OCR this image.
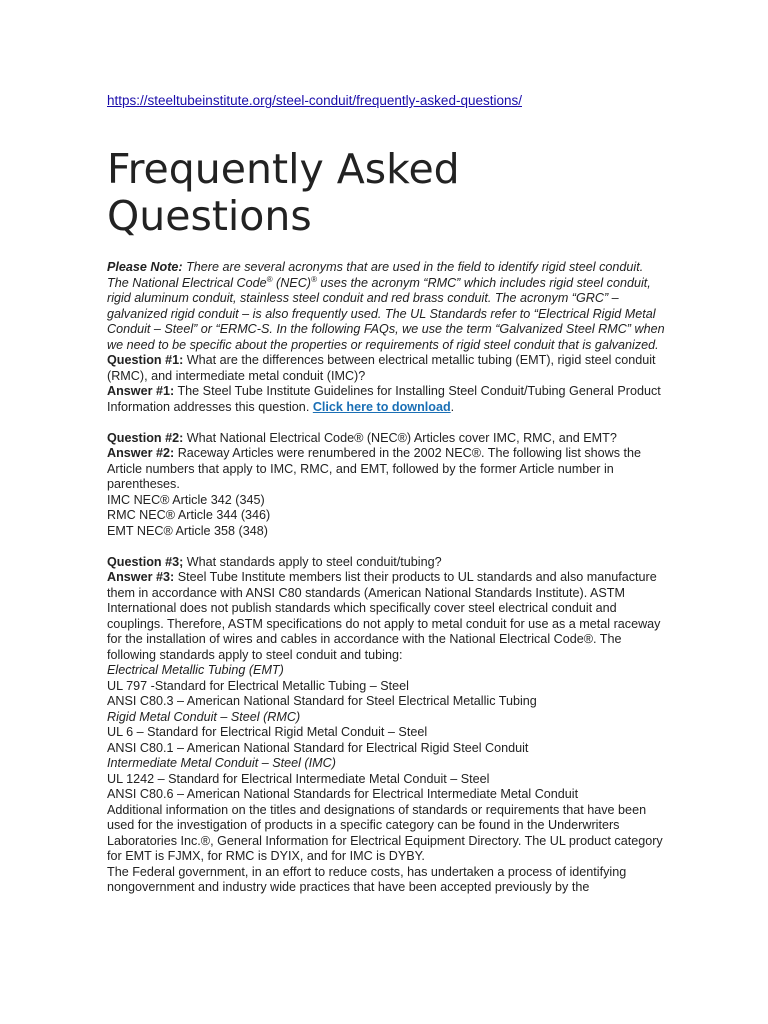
https://steeltubeinstitute.org/steel-conduit/frequently-asked-questions/
Frequently Asked Questions

Please Note: There are several acronyms that are used in the field to identify rigid steel conduit. The National Electrical Code® (NEC)® uses the acronym “RMC” which includes rigid steel conduit, rigid aluminum conduit, stainless steel conduit and red brass conduit. The acronym “GRC” – galvanized rigid conduit – is also frequently used. The UL Standards refer to “Electrical Rigid Metal Conduit – Steel” or “ERMC-S. In the following FAQs, we use the term “Galvanized Steel RMC” when we need to be specific about the properties or requirements of rigid steel conduit that is galvanized.

Question #1: What are the differences between electrical metallic tubing (EMT), rigid steel conduit (RMC), and intermediate metal conduit (IMC)?

Answer #1: The Steel Tube Institute Guidelines for Installing Steel Conduit/Tubing General Product Information addresses this question. Click here to download.

Question #2: What National Electrical Code® (NEC®) Articles cover IMC, RMC, and EMT?

Answer #2: Raceway Articles were renumbered in the 2002 NEC®. The following list shows the Article numbers that apply to IMC, RMC, and EMT, followed by the former Article number in parentheses.

IMC NEC® Article 342 (345)

RMC NEC® Article 344 (346)

EMT NEC® Article 358 (348)

Question #3; What standards apply to steel conduit/tubing?

Answer #3: Steel Tube Institute members list their products to UL standards and also manufacture them in accordance with ANSI C80 standards (American National Standards Institute). ASTM International does not publish standards which specifically cover steel electrical conduit and couplings. Therefore, ASTM specifications do not apply to metal conduit for use as a metal raceway for the installation of wires and cables in accordance with the National Electrical Code®. The following standards apply to steel conduit and tubing:

Electrical Metallic Tubing (EMT)

UL 797 -Standard for Electrical Metallic Tubing – Steel

ANSI C80.3 – American National Standard for Steel Electrical Metallic Tubing

Rigid Metal Conduit – Steel (RMC)

UL 6 – Standard for Electrical Rigid Metal Conduit – Steel

ANSI C80.1 – American National Standard for Electrical Rigid Steel Conduit

Intermediate Metal Conduit – Steel (IMC)

UL 1242 – Standard for Electrical Intermediate Metal Conduit – Steel

ANSI C80.6 – American National Standards for Electrical Intermediate Metal Conduit

Additional information on the titles and designations of standards or requirements that have been used for the investigation of products in a specific category can be found in the Underwriters Laboratories Inc.®, General Information for Electrical Equipment Directory. The UL product category for EMT is FJMX, for RMC is DYIX, and for IMC is DYBY.

The Federal government, in an effort to reduce costs, has undertaken a process of identifying nongovernment and industry wide practices that have been accepted previously by the
